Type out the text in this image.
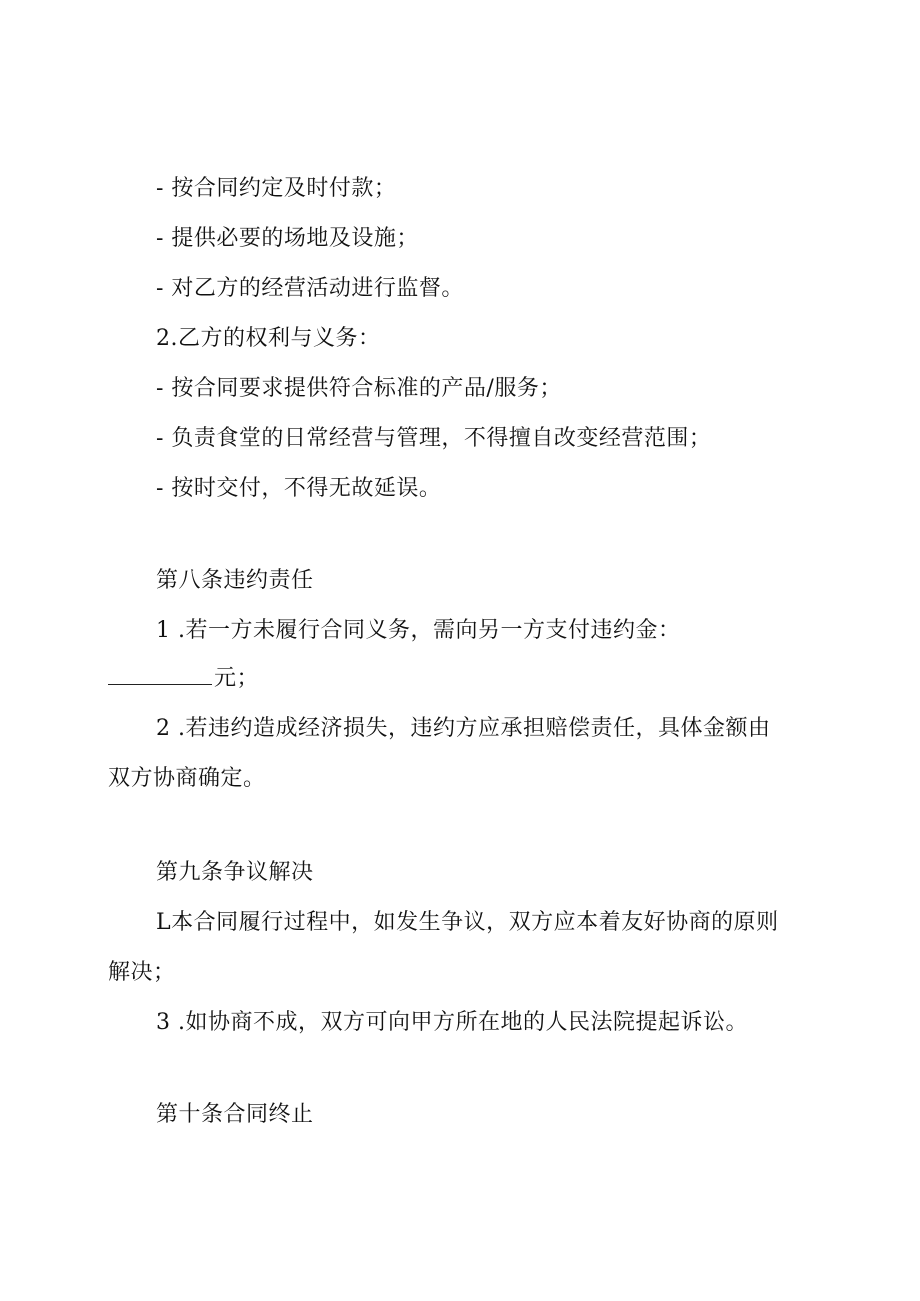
- 按合同约定及时付款；
- 提供必要的场地及设施；
- 对乙方的经营活动进行监督。
2.乙方的权利与义务：
- 按合同要求提供符合标准的产品/服务；
- 负责食堂的日常经营与管理，不得擅自改变经营范围；
- 按时交付，不得无故延误。
第八条违约责任
1 .若一方未履行合同义务，需向另一方支付违约金：
元；
2 .若违约造成经济损失，违约方应承担赔偿责任，具体金额由
双方协商确定。
第九条争议解决
L本合同履行过程中，如发生争议，双方应本着友好协商的原则
解决；
3 .如协商不成，双方可向甲方所在地的人民法院提起诉讼。
第十条合同终止
